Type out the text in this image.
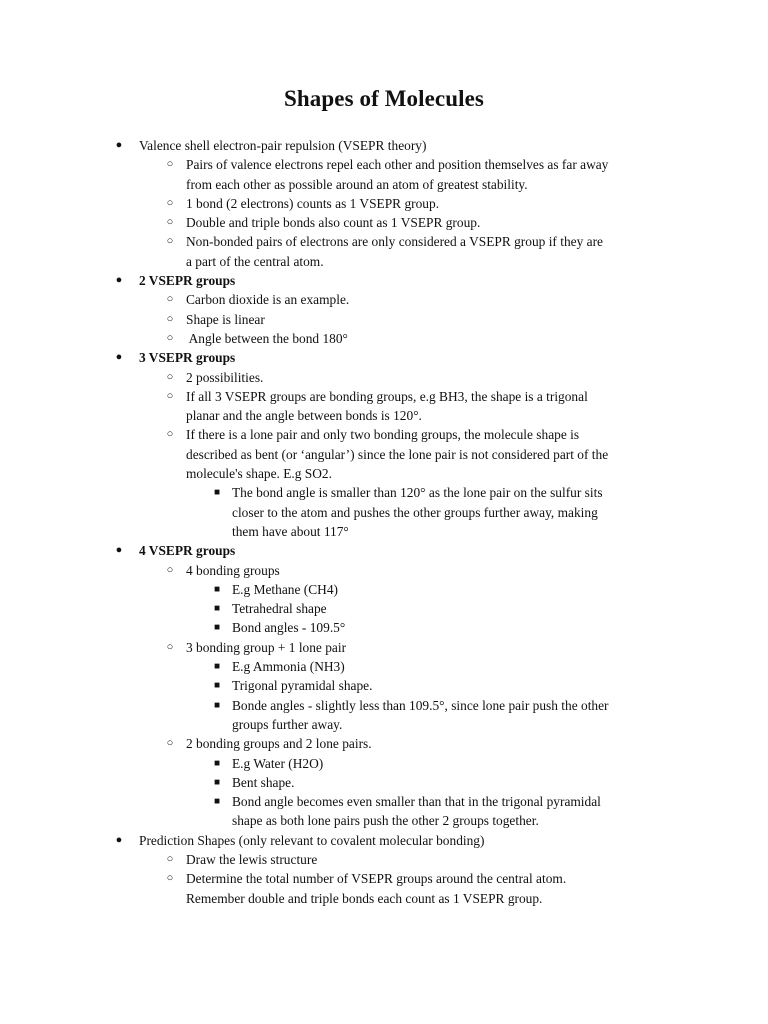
Shapes of Molecules
● Valence shell electron-pair repulsion (VSEPR theory)
○ Pairs of valence electrons repel each other and position themselves as far away
from each other as possible around an atom of greatest stability.
○ 1 bond (2 electrons) counts as 1 VSEPR group.
○ Double and triple bonds also count as 1 VSEPR group.
○ Non-bonded pairs of electrons are only considered a VSEPR group if they are
a part of the central atom.
● 2 VSEPR groups
○ Carbon dioxide is an example.
○ Shape is linear
○ Angle between the bond 180°
● 3 VSEPR groups
○ 2 possibilities.
○ If all 3 VSEPR groups are bonding groups, e.g BH3, the shape is a trigonal
planar and the angle between bonds is 120°.
○ If there is a lone pair and only two bonding groups, the molecule shape is
described as bent (or ‘angular’) since the lone pair is not considered part of the
molecule's shape. E.g SO2.
■ The bond angle is smaller than 120° as the lone pair on the sulfur sits
closer to the atom and pushes the other groups further away, making
them have about 117°
● 4 VSEPR groups
○ 4 bonding groups
■ E.g Methane (CH4)
■ Tetrahedral shape
■ Bond angles - 109.5°
○ 3 bonding group + 1 lone pair
■ E.g Ammonia (NH3)
■ Trigonal pyramidal shape.
■ Bonde angles - slightly less than 109.5°, since lone pair push the other
groups further away.
○ 2 bonding groups and 2 lone pairs.
■ E.g Water (H2O)
■ Bent shape.
■ Bond angle becomes even smaller than that in the trigonal pyramidal
shape as both lone pairs push the other 2 groups together.
● Prediction Shapes (only relevant to covalent molecular bonding)
○ Draw the lewis structure
○ Determine the total number of VSEPR groups around the central atom.
Remember double and triple bonds each count as 1 VSEPR group.
